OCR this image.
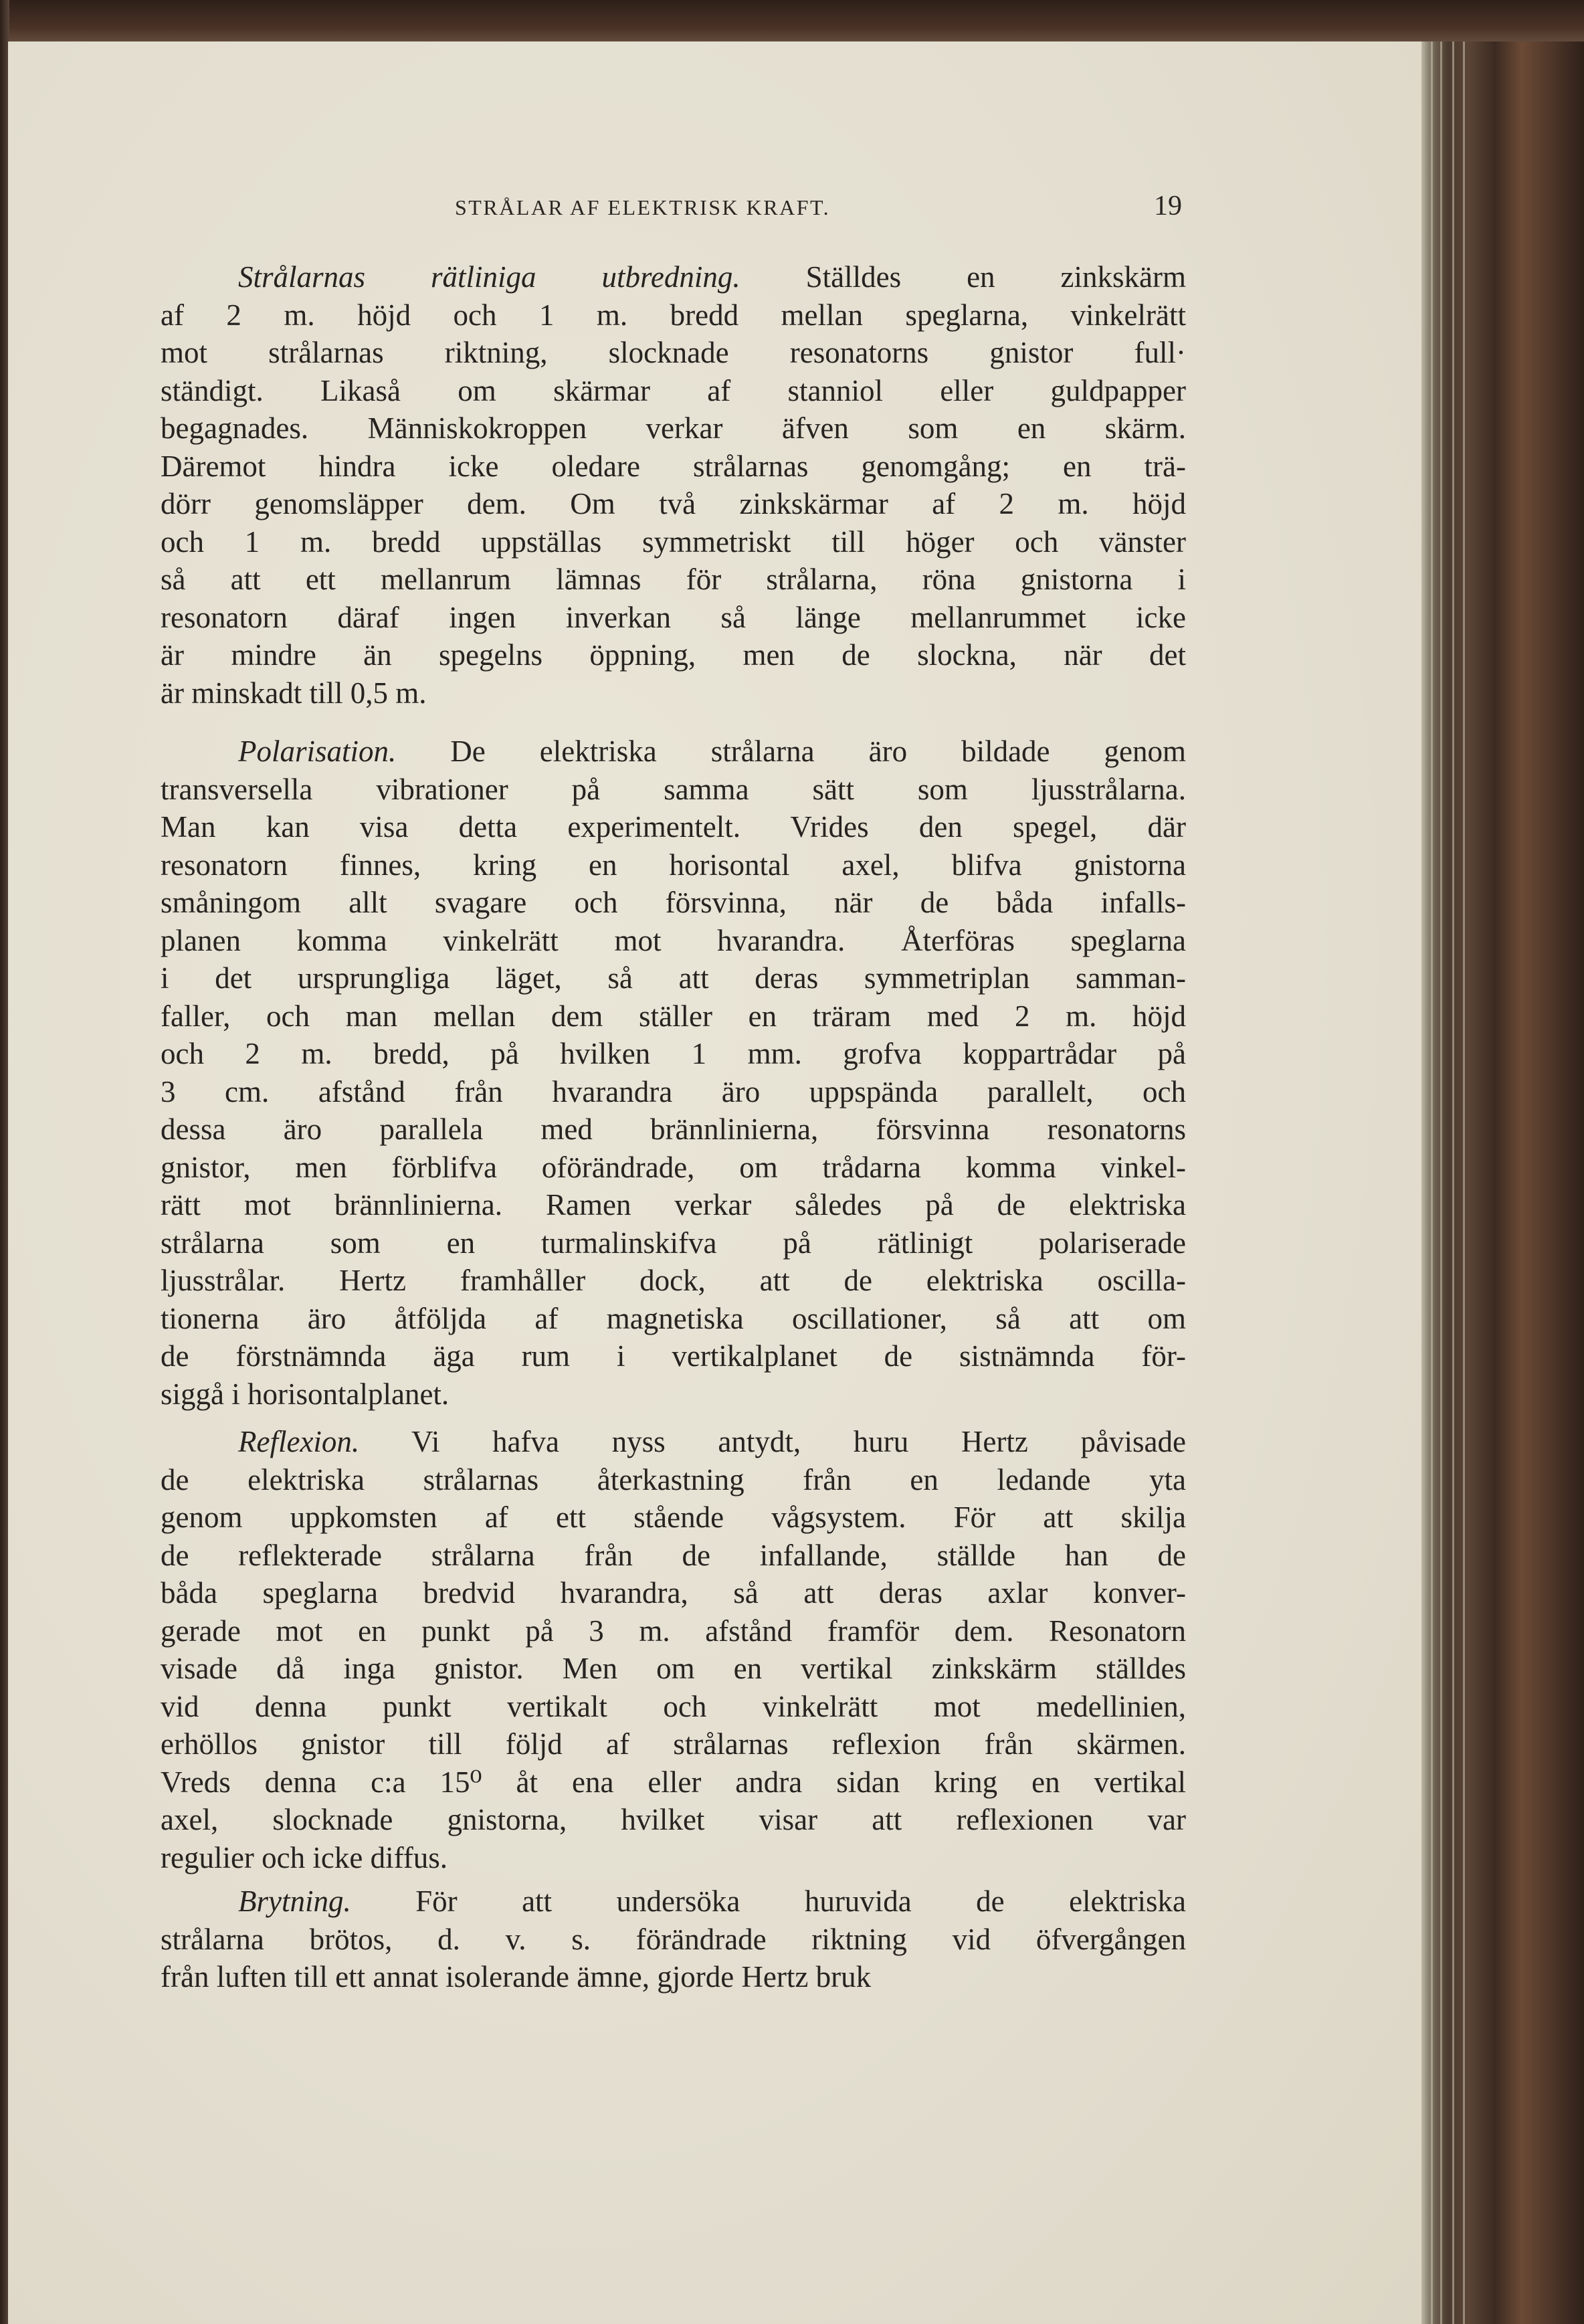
STRÅLAR AF ELEKTRISK KRAFT.	19
Strålarnas rätliniga utbredning. Ställdes en zinkskärm
af 2 m. höjd och 1 m. bredd mellan speglarna, vinkelrätt
mot strålarnas riktning, slocknade resonatorns gnistor full·
ständigt. Likaså om skärmar af stanniol eller guldpapper
begagnades. Människokroppen verkar äfven som en skärm.
Däremot hindra icke oledare strålarnas genomgång; en trä-
dörr genomsläpper dem. Om två zinkskärmar af 2 m. höjd
och 1 m. bredd uppställas symmetriskt till höger och vänster
så att ett mellanrum lämnas för strålarna, röna gnistorna i
resonatorn däraf ingen inverkan så länge mellanrummet icke
är mindre än spegelns öppning, men de slockna, när det
är minskadt till 0,5 m.
Polarisation. De elektriska strålarna äro bildade genom
transversella vibrationer på samma sätt som ljusstrålarna.
Man kan visa detta experimentelt. Vrides den spegel, där
resonatorn finnes, kring en horisontal axel, blifva gnistorna
småningom allt svagare och försvinna, när de båda infalls-
planen komma vinkelrätt mot hvarandra. Återföras speglarna
i det ursprungliga läget, så att deras symmetriplan samman-
faller, och man mellan dem ställer en träram med 2 m. höjd
och 2 m. bredd, på hvilken 1 mm. grofva koppartrådar på
3 cm. afstånd från hvarandra äro uppspända parallelt, och
dessa äro parallela med brännlinierna, försvinna resonatorns
gnistor, men förblifva oförändrade, om trådarna komma vinkel-
rätt mot brännlinierna. Ramen verkar således på de elektriska
strålarna som en turmalinskifva på rätlinigt polariserade
ljusstrålar. Hertz framhåller dock, att de elektriska oscilla-
tionerna äro åtföljda af magnetiska oscillationer, så att om
de förstnämnda äga rum i vertikalplanet de sistnämnda för-
siggå i horisontalplanet.
Reflexion. Vi hafva nyss antydt, huru Hertz påvisade
de elektriska strålarnas återkastning från en ledande yta
genom uppkomsten af ett stående vågsystem. För att skilja
de reflekterade strålarna från de infallande, ställde han de
båda speglarna bredvid hvarandra, så att deras axlar konver-
gerade mot en punkt på 3 m. afstånd framför dem. Resonatorn
visade då inga gnistor. Men om en vertikal zinkskärm ställdes
vid denna punkt vertikalt och vinkelrätt mot medellinien,
erhöllos gnistor till följd af strålarnas reflexion från skärmen.
Vreds denna c:a 15⁰ åt ena eller andra sidan kring en vertikal
axel, slocknade gnistorna, hvilket visar att reflexionen var
regulier och icke diffus.
Brytning. För att undersöka huruvida de elektriska
strålarna brötos, d. v. s. förändrade riktning vid öfvergången
från luften till ett annat isolerande ämne, gjorde Hertz bruk
